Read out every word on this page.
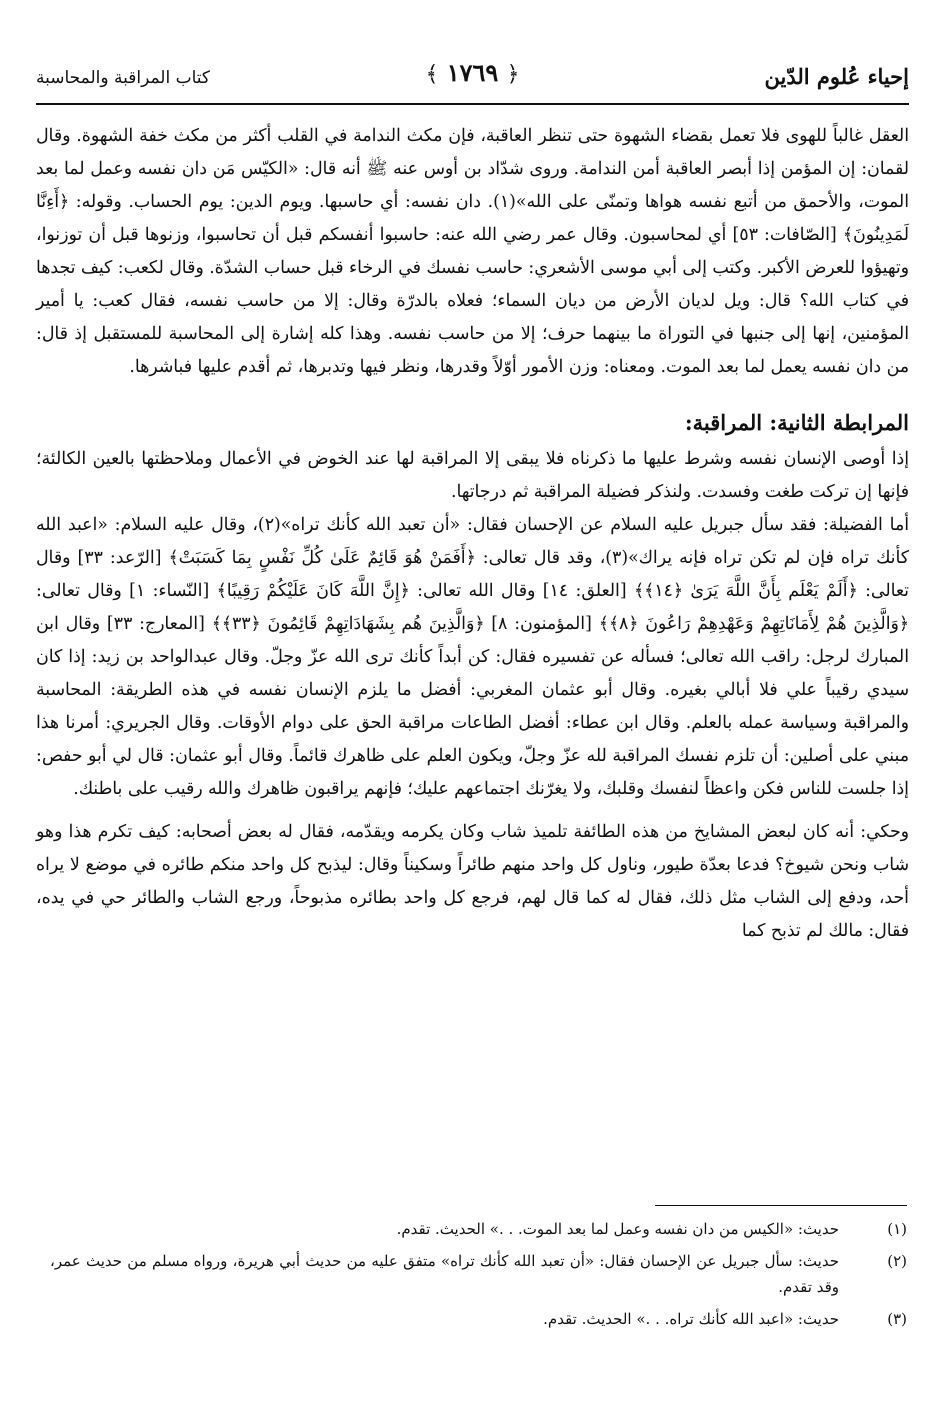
إحياء عُلوم الدّين
﴾ ١٧٦٩ ﴿
كتاب المراقبة والمحاسبة

العقل غالباً للهوى فلا تعمل بقضاء الشهوة حتى تنظر العاقبة، فإن مكث الندامة في القلب أكثر من مكث خفة الشهوة. وقال لقمان: إن المؤمن إذا أبصر العاقبة أمن الندامة. وروى شدّاد بن أوس عنه ﷺ أنه قال: «الكيّس مَن دان نفسه وعمل لما بعد الموت، والأحمق من أتبع نفسه هواها وتمنّى على الله»(١). دان نفسه: أي حاسبها. ويوم الدين: يوم الحساب. وقوله: ﴿أَءِنَّا لَمَدِينُونَ﴾ [الصّافات: ٥٣] أي لمحاسبون. وقال عمر رضي الله عنه: حاسبوا أنفسكم قبل أن تحاسبوا، وزنوها قبل أن توزنوا، وتهيؤوا للعرض الأكبر. وكتب إلى أبي موسى الأشعري: حاسب نفسك في الرخاء قبل حساب الشدّة. وقال لكعب: كيف تجدها في كتاب الله؟ قال: ويل لديان الأرض من ديان السماء؛ فعلاه بالدرّة وقال: إلا من حاسب نفسه، فقال كعب: يا أمير المؤمنين، إنها إلى جنبها في التوراة ما بينهما حرف؛ إلا من حاسب نفسه. وهذا كله إشارة إلى المحاسبة للمستقبل إذ قال: من دان نفسه يعمل لما بعد الموت. ومعناه: وزن الأمور أوّلاً وقدرها، ونظر فيها وتدبرها، ثم أقدم عليها فباشرها.

المرابطة الثانية: المراقبة:

إذا أوصى الإنسان نفسه وشرط عليها ما ذكرناه فلا يبقى إلا المراقبة لها عند الخوض في الأعمال وملاحظتها بالعين الكالئة؛ فإنها إن تركت طغت وفسدت. ولنذكر فضيلة المراقبة ثم درجاتها.

أما الفضيلة: فقد سأل جبريل عليه السلام عن الإحسان فقال: «أن تعبد الله كأنك تراه»(٢)، وقال عليه السلام: «اعبد الله كأنك تراه فإن لم تكن تراه فإنه يراك»(٣)، وقد قال تعالى: ﴿أَفَمَنْ هُوَ قَائِمٌ عَلَىٰ كُلِّ نَفْسٍ بِمَا كَسَبَتْ﴾ [الرّعد: ٣٣] وقال تعالى: ﴿أَلَمْ يَعْلَم بِأَنَّ اللَّهَ يَرَىٰ ﴿١٤﴾﴾ [العلق: ١٤] وقال الله تعالى: ﴿إِنَّ اللَّهَ كَانَ عَلَيْكُمْ رَقِيبًا﴾ [النّساء: ١] وقال تعالى: ﴿وَالَّذِينَ هُمْ لِأَمَانَاتِهِمْ وَعَهْدِهِمْ رَاعُونَ ﴿٨﴾﴾ [المؤمنون: ٨] ﴿وَالَّذِينَ هُم بِشَهَادَاتِهِمْ قَائِمُونَ ﴿٣٣﴾﴾ [المعارج: ٣٣] وقال ابن المبارك لرجل: راقب الله تعالى؛ فسأله عن تفسيره فقال: كن أبداً كأنك ترى الله عزّ وجلّ. وقال عبدالواحد بن زيد: إذا كان سيدي رقيباً علي فلا أبالي بغيره. وقال أبو عثمان المغربي: أفضل ما يلزم الإنسان نفسه في هذه الطريقة: المحاسبة والمراقبة وسياسة عمله بالعلم. وقال ابن عطاء: أفضل الطاعات مراقبة الحق على دوام الأوقات. وقال الجريري: أمرنا هذا مبني على أصلين: أن تلزم نفسك المراقبة لله عزّ وجلّ، ويكون العلم على ظاهرك قائماً. وقال أبو عثمان: قال لي أبو حفص: إذا جلست للناس فكن واعظاً لنفسك وقلبك، ولا يغرّنك اجتماعهم عليك؛ فإنهم يراقبون ظاهرك والله رقيب على باطنك.

وحكي: أنه كان لبعض المشايخ من هذه الطائفة تلميذ شاب وكان يكرمه ويقدّمه، فقال له بعض أصحابه: كيف تكرم هذا وهو شاب ونحن شيوخ؟ فدعا بعدّة طيور، وناول كل واحد منهم طائراً وسكيناً وقال: ليذبح كل واحد منكم طائره في موضع لا يراه أحد، ودفع إلى الشاب مثل ذلك، فقال له كما قال لهم، فرجع كل واحد بطائره مذبوحاً، ورجع الشاب والطائر حي في يده، فقال: مالك لم تذبح كما

(١)
حديث: «الكيس من دان نفسه وعمل لما بعد الموت. . .» الحديث. تقدم.

(٢)
حديث: سأل جبريل عن الإحسان فقال: «أن تعبد الله كأنك تراه» متفق عليه من حديث أبي هريرة، ورواه مسلم من حديث عمر، وقد تقدم.

(٣)
حديث: «اعبد الله كأنك تراه. . .» الحديث. تقدم.
